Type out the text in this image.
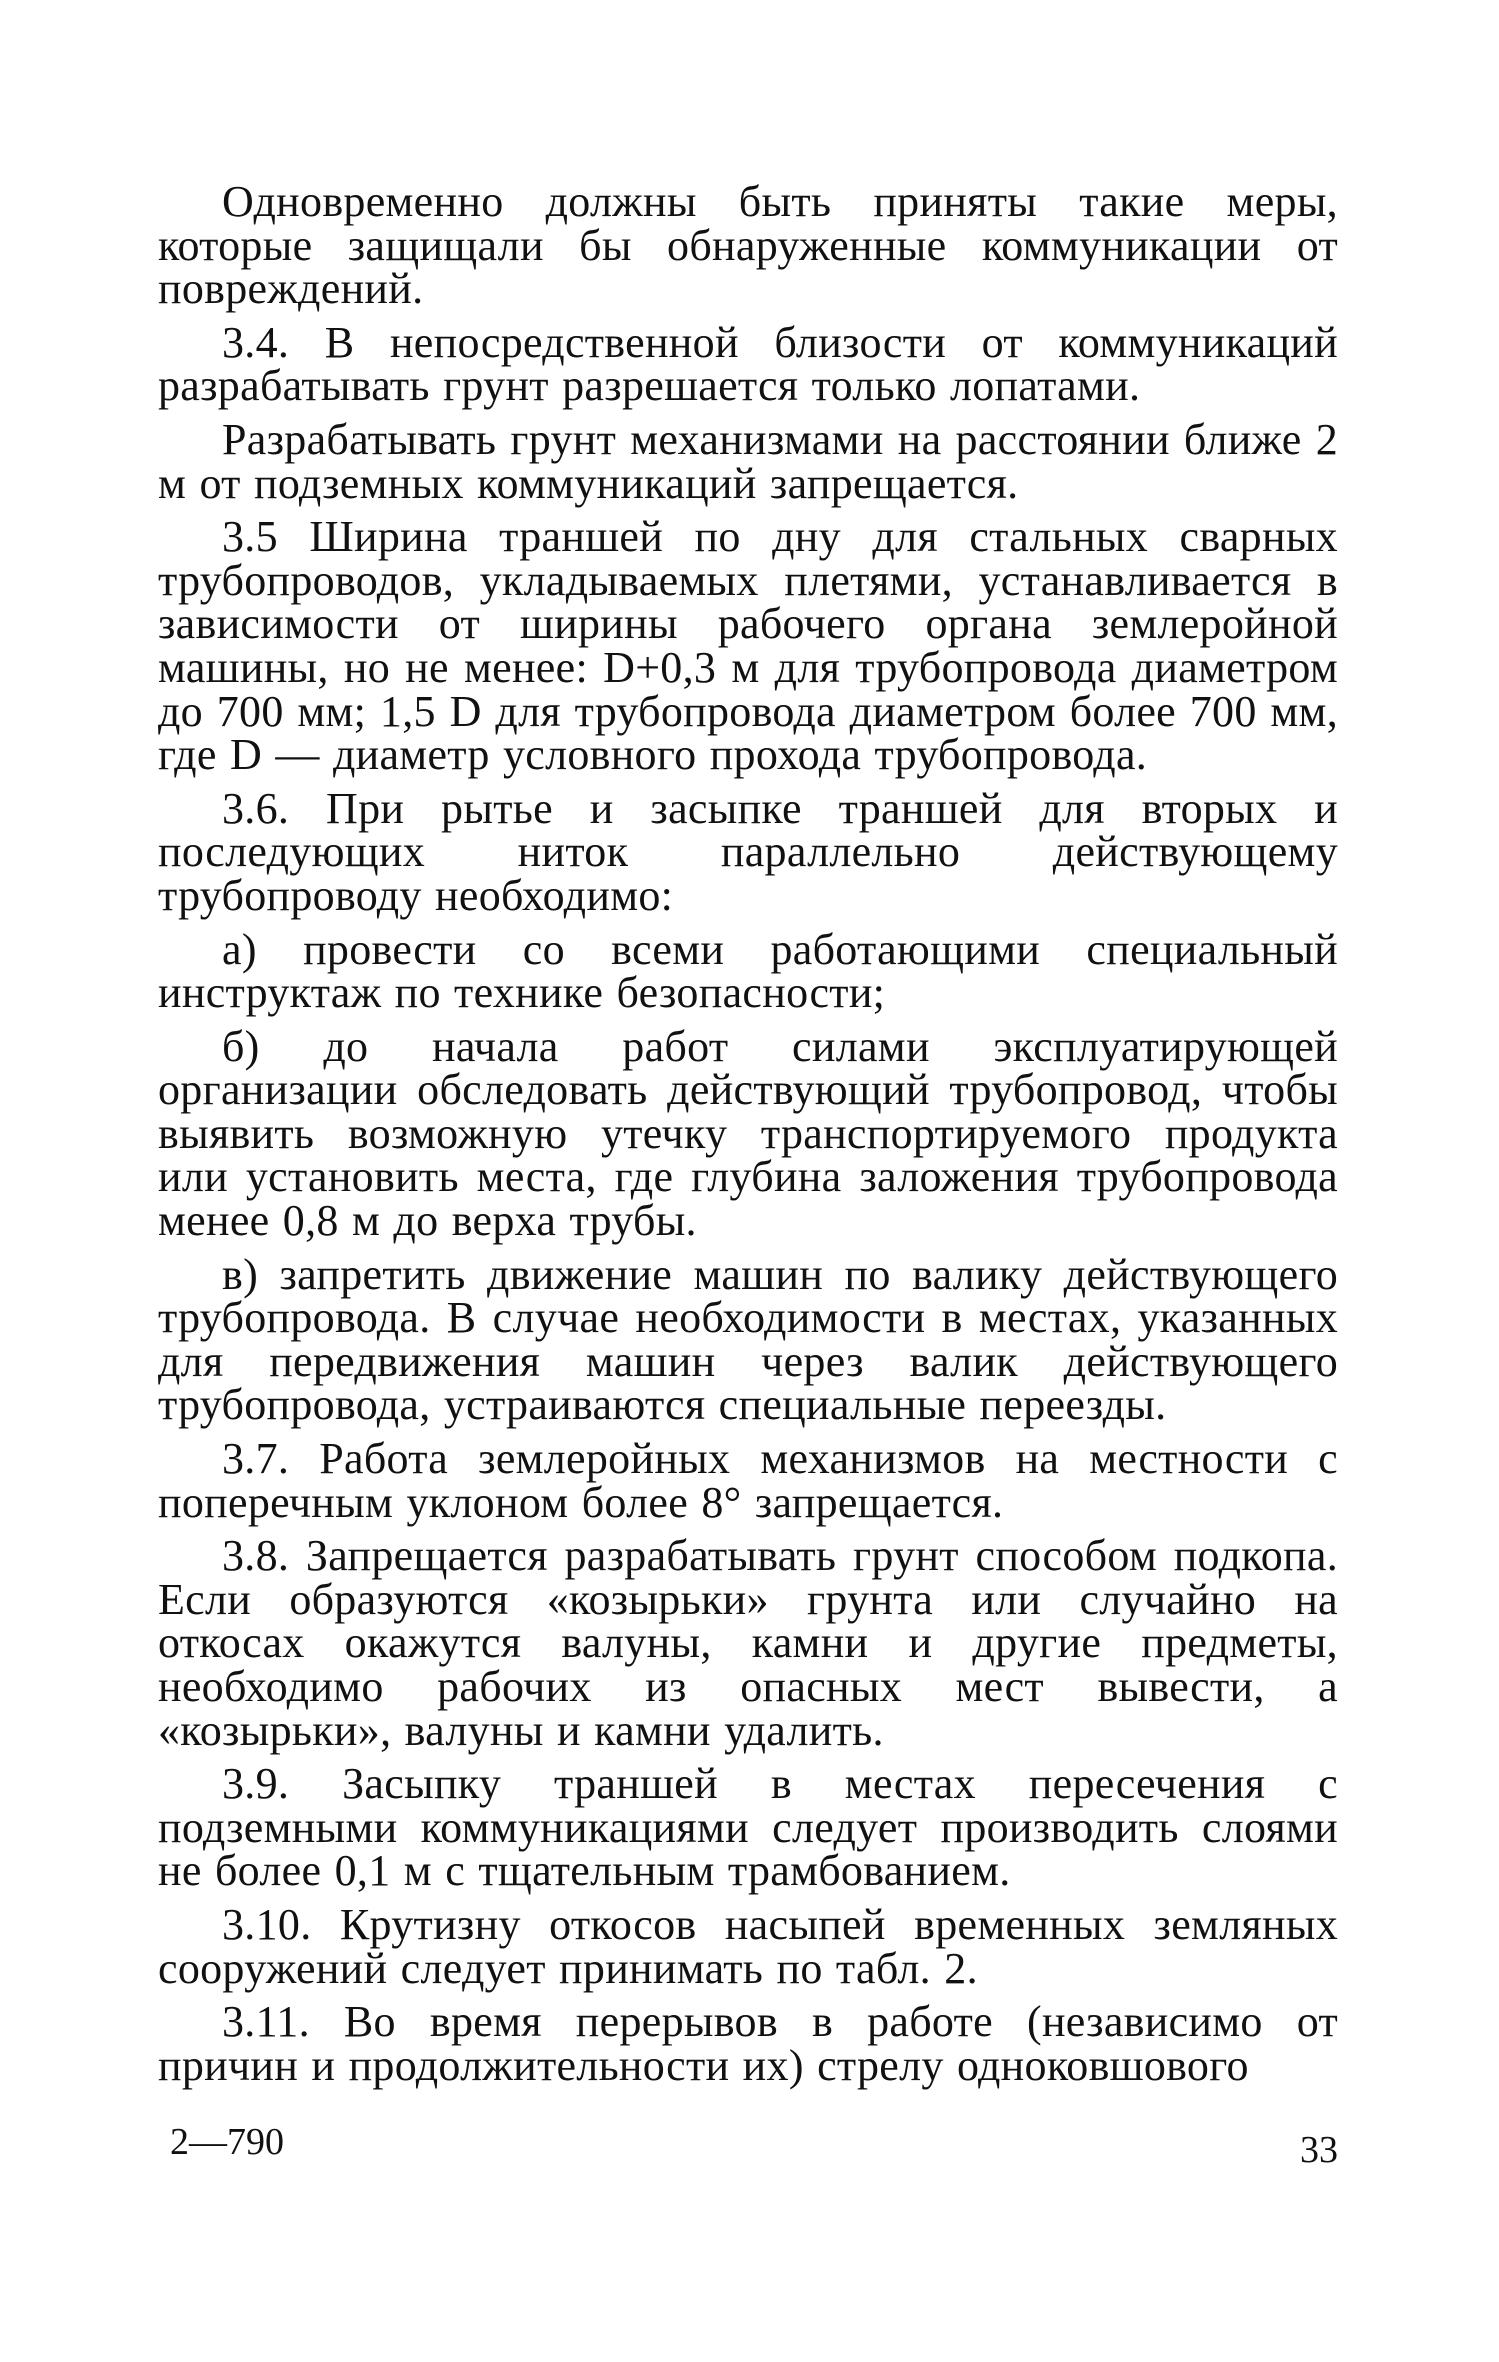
Одновременно должны быть приняты такие меры, которые защищали бы обнаруженные коммуникации от повреждений.

3.4. В непосредственной близости от коммуникаций разрабатывать грунт разрешается только лопатами.

Разрабатывать грунт механизмами на расстоянии ближе 2 м от подземных коммуникаций запрещается.

3.5 Ширина траншей по дну для стальных сварных трубопроводов, укладываемых плетями, устанавливается в зависимости от ширины рабочего органа землеройной машины, но не менее: D+0,3 м для трубопровода диаметром до 700 мм; 1,5 D для трубопровода диаметром более 700 мм, где D — диаметр условного прохода трубопровода.

3.6. При рытье и засыпке траншей для вторых и последующих ниток параллельно действующему трубопроводу необходимо:

а) провести со всеми работающими специальный инструктаж по технике безопасности;

б) до начала работ силами эксплуатирующей организации обследовать действующий трубопровод, чтобы выявить возможную утечку транспортируемого продукта или установить места, где глубина заложения трубопровода менее 0,8 м до верха трубы.

в) запретить движение машин по валику действующего трубопровода. В случае необходимости в местах, указанных для передвижения машин через валик действующего трубопровода, устраиваются специальные переезды.

3.7. Работа землеройных механизмов на местности с поперечным уклоном более 8° запрещается.

3.8. Запрещается разрабатывать грунт способом подкопа. Если образуются «козырьки» грунта или случайно на откосах окажутся валуны, камни и другие предметы, необходимо рабочих из опасных мест вывести, а «козырьки», валуны и камни удалить.

3.9. Засыпку траншей в местах пересечения с подземными коммуникациями следует производить слоями не более 0,1 м с тщательным трамбованием.

3.10. Крутизну откосов насыпей временных земляных сооружений следует принимать по табл. 2.

3.11. Во время перерывов в работе (независимо от причин и продолжительности их) стрелу одноковшового

2—790	33
